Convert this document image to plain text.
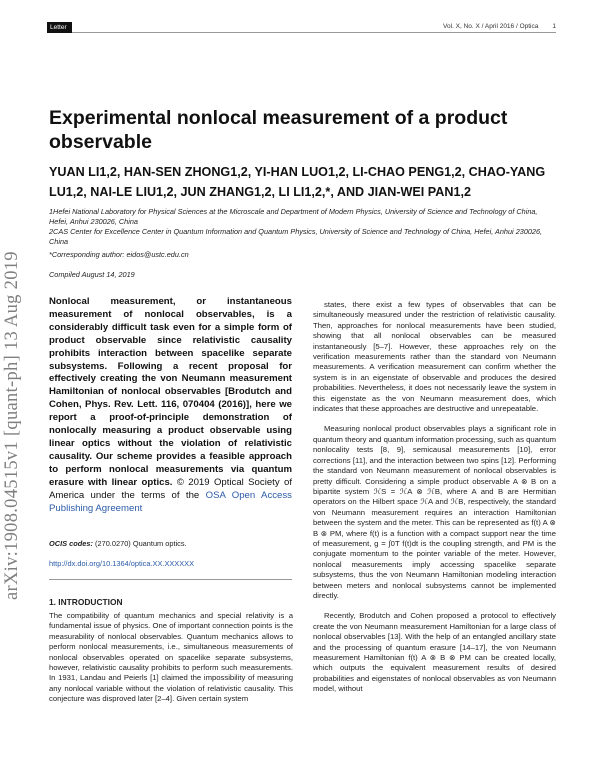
Letter	Vol. X, No. X / April 2016 / Optica 1
arXiv:1908.04515v1 [quant-ph] 13 Aug 2019
Experimental nonlocal measurement of a product observable
YUAN LI1,2, HAN-SEN ZHONG1,2, YI-HAN LUO1,2, LI-CHAO PENG1,2, CHAO-YANG LU1,2, NAI-LE LIU1,2, JUN ZHANG1,2, LI LI1,2,*, AND JIAN-WEI PAN1,2
1Hefei National Laboratory for Physical Sciences at the Microscale and Department of Modern Physics, University of Science and Technology of China, Hefei, Anhui 230026, China
2CAS Center for Excellence Center in Quantum Information and Quantum Physics, University of Science and Technology of China, Hefei, Anhui 230026, China
*Corresponding author: eidos@ustc.edu.cn
Compiled August 14, 2019
Nonlocal measurement, or instantaneous measurement of nonlocal observables, is a considerably difficult task even for a simple form of product observable since relativistic causality prohibits interaction between spacelike separate subsystems. Following a recent proposal for effectively creating the von Neumann measurement Hamiltonian of nonlocal observables [Brodutch and Cohen, Phys. Rev. Lett. 116, 070404 (2016)], here we report a proof-of-principle demonstration of nonlocally measuring a product observable using linear optics without the violation of relativistic causality. Our scheme provides a feasible approach to perform nonlocal measurements via quantum erasure with linear optics. © 2019 Optical Society of America under the terms of the OSA Open Access Publishing Agreement
OCIS codes: (270.0270) Quantum optics.
http://dx.doi.org/10.1364/optica.XX.XXXXXX
1. INTRODUCTION

The compatibility of quantum mechanics and special relativity is a fundamental issue of physics. One of important connection points is the measurability of nonlocal observables. Quantum mechanics allows to perform nonlocal measurements, i.e., simultaneous measurements of nonlocal observables operated on spacelike separate subsystems, however, relativistic causality prohibits to perform such measurements. In 1931, Landau and Peierls [1] claimed the impossibility of measuring any nonlocal variable without the violation of relativistic causality. This conjecture was disproved later [2–4]. Given certain system

states, there exist a few types of observables that can be simultaneously measured under the restriction of relativistic causality. Then, approaches for nonlocal measurements have been studied, showing that all nonlocal observables can be measured instantaneously [5–7]. However, these approaches rely on the verification measurements rather than the standard von Neumann measurements. A verification measurement can confirm whether the system is in an eigenstate of observable and produces the desired probabilities. Nevertheless, it does not necessarily leave the system in this eigenstate as the von Neumann measurement does, which indicates that these approaches are destructive and unrepeatable.

Measuring nonlocal product observables plays a significant role in quantum theory and quantum information processing, such as quantum nonlocality tests [8, 9], semicausal measurements [10], error corrections [11], and the interaction between two spins [12]. Performing the standard von Neumann measurement of nonlocal observables is pretty difficult. Considering a simple product observable A ⊗ B on a bipartite system ℋS = ℋA ⊗ ℋB, where A and B are Hermitian operators on the Hilbert space ℋA and ℋB, respectively, the standard von Neumann measurement requires an interaction Hamiltonian between the system and the meter. This can be represented as f(t) A ⊗ B ⊗ PM, where f(t) is a function with a compact support near the time of measurement, g = ∫0T f(t)dt is the coupling strength, and PM is the conjugate momentum to the pointer variable of the meter. However, nonlocal measurements imply accessing spacelike separate subsystems, thus the von Neumann Hamiltonian modeling interaction between meters and nonlocal subsystems cannot be implemented directly.

Recently, Brodutch and Cohen proposed a protocol to effectively create the von Neumann measurement Hamiltonian for a large class of nonlocal observables [13]. With the help of an entangled ancillary state and the processing of quantum erasure [14–17], the von Neumann measurement Hamiltonian f(t) A ⊗ B ⊗ PM can be created locally, which outputs the equivalent measurement results of desired probabilities and eigenstates of nonlocal observables as von Neumann model, without
